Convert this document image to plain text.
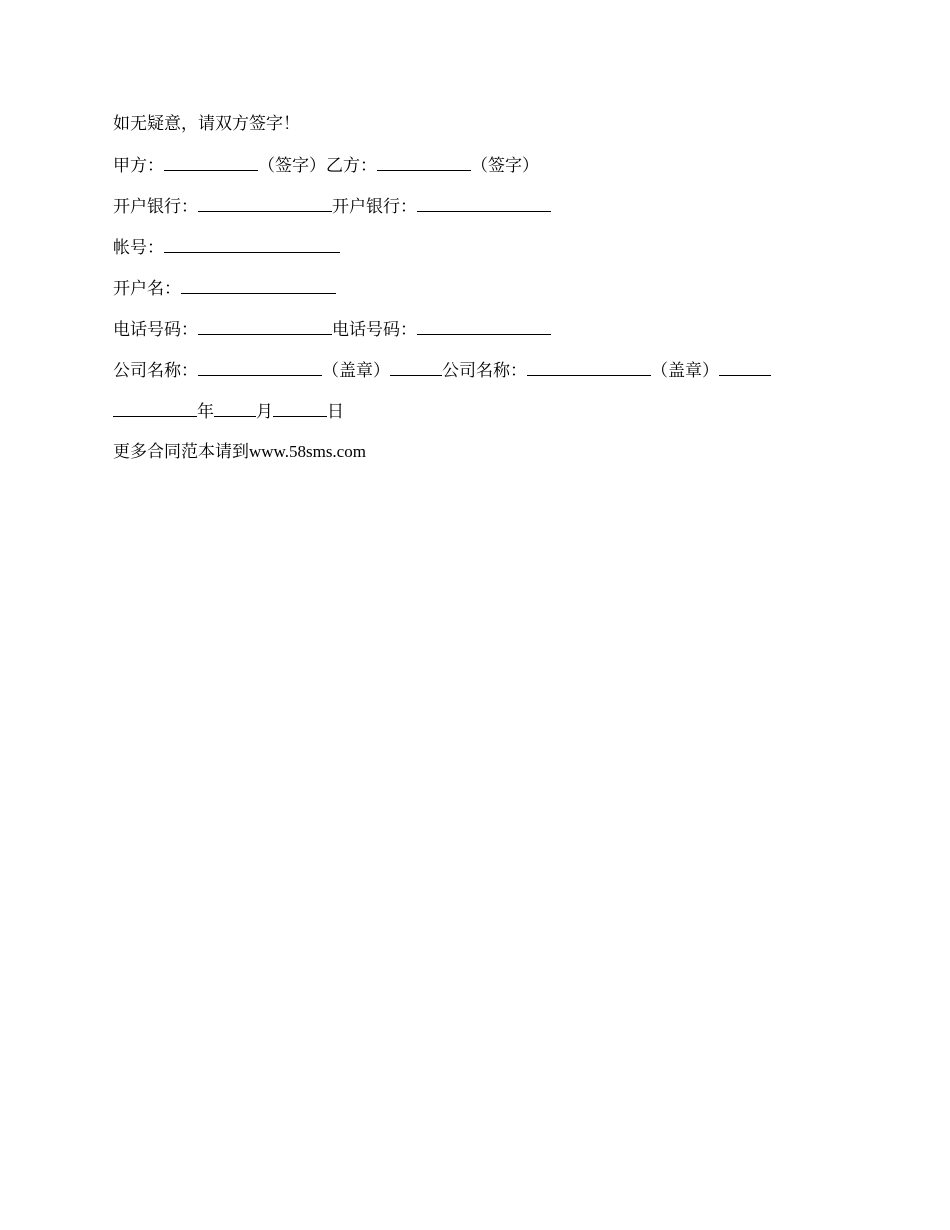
如无疑意，请双方签字！
甲方：	（签字）乙方：	（签字）
开户银行：	开户银行：
帐号：
开户名：
电话号码：	电话号码：
公司名称：	（盖章）	公司名称：	（盖章）
年 月	日
更多合同范本请到www.58sms.com
